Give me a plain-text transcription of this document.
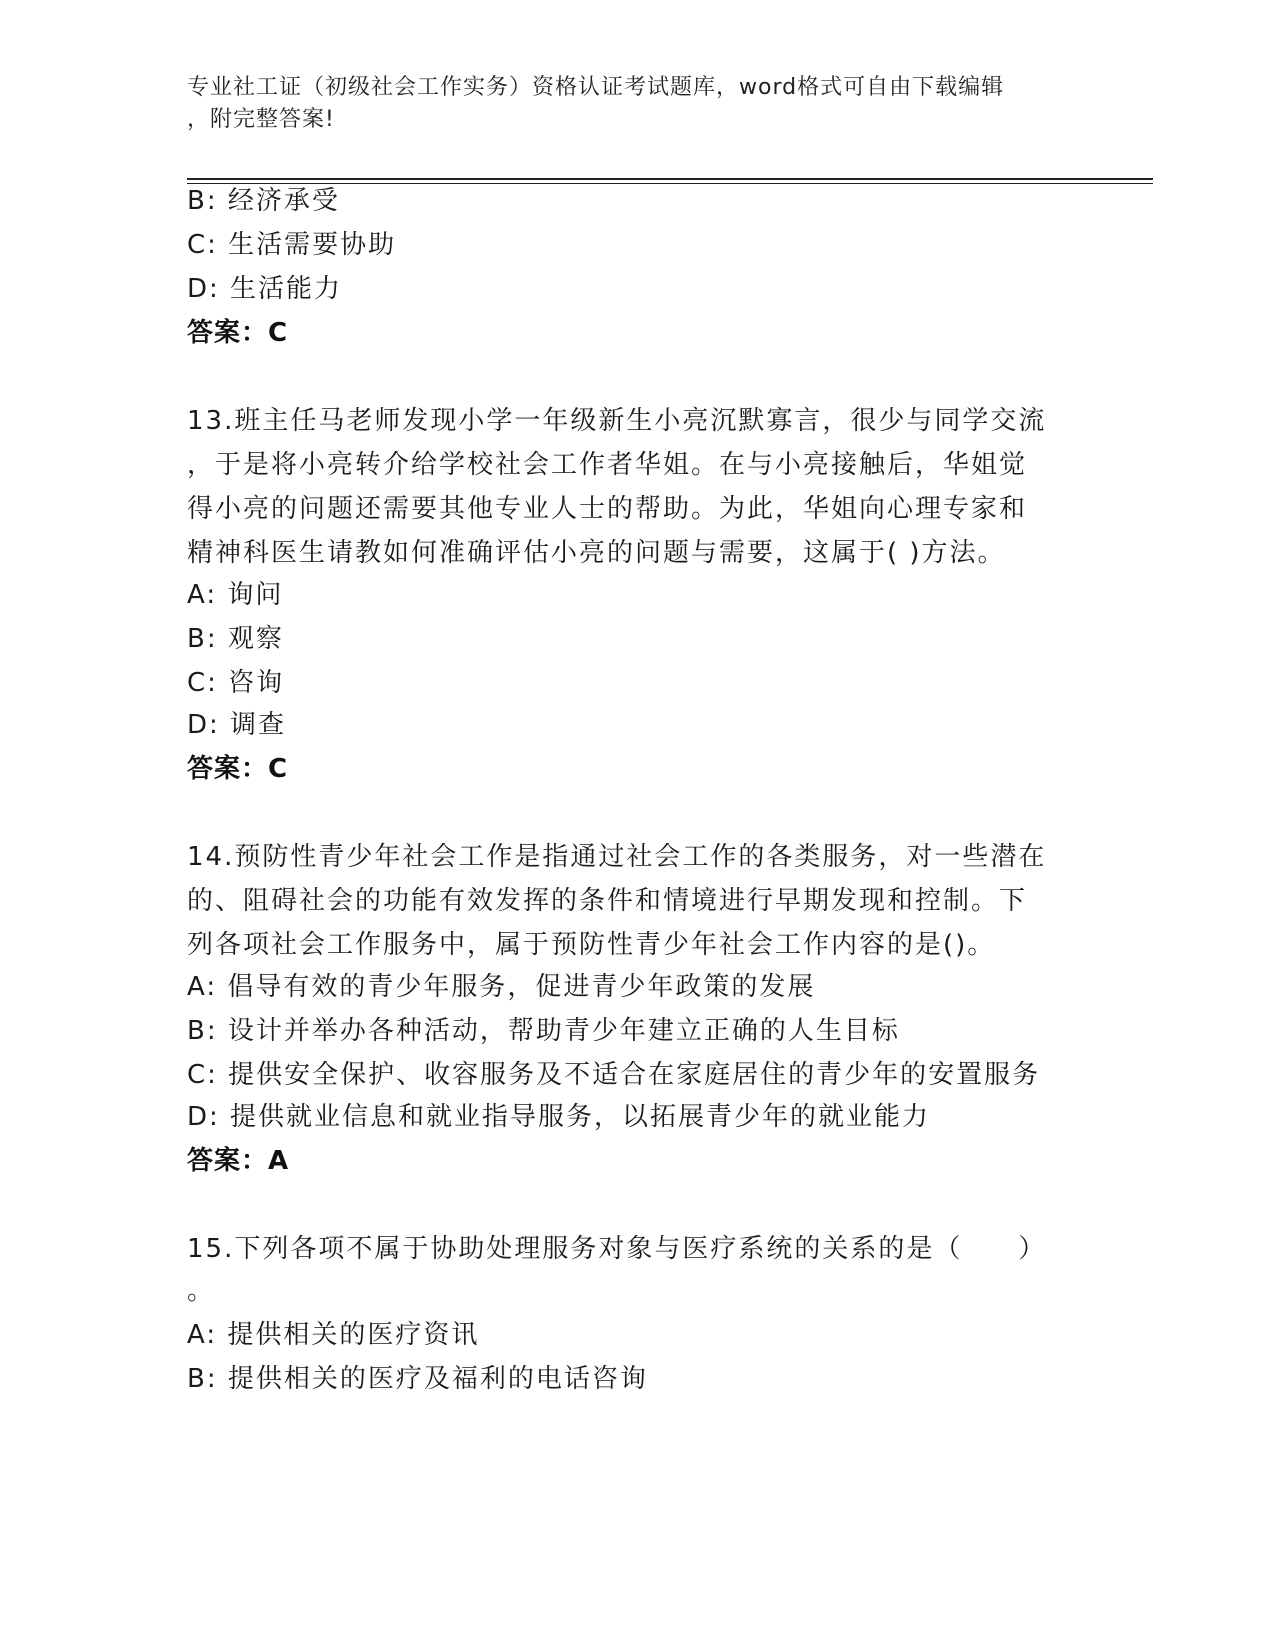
专业社工证（初级社会工作实务）资格认证考试题库，word格式可自由下载编辑
，附完整答案!
B: 经济承受
C: 生活需要协助
D: 生活能力
答案：C
13.班主任马老师发现小学一年级新生小亮沉默寡言，很少与同学交流
，于是将小亮转介给学校社会工作者华姐。在与小亮接触后，华姐觉
得小亮的问题还需要其他专业人士的帮助。为此，华姐向心理专家和
精神科医生请教如何准确评估小亮的问题与需要，这属于( )方法。
A: 询问
B: 观察
C: 咨询
D: 调查
答案：C
14.预防性青少年社会工作是指通过社会工作的各类服务，对一些潜在
的、阻碍社会的功能有效发挥的条件和情境进行早期发现和控制。下
列各项社会工作服务中，属于预防性青少年社会工作内容的是()。
A: 倡导有效的青少年服务，促进青少年政策的发展
B: 设计并举办各种活动，帮助青少年建立正确的人生目标
C: 提供安全保护、收容服务及不适合在家庭居住的青少年的安置服务
D: 提供就业信息和就业指导服务，以拓展青少年的就业能力
答案：A
15.下列各项不属于协助处理服务对象与医疗系统的关系的是（　　）
。
A: 提供相关的医疗资讯
B: 提供相关的医疗及福利的电话咨询
